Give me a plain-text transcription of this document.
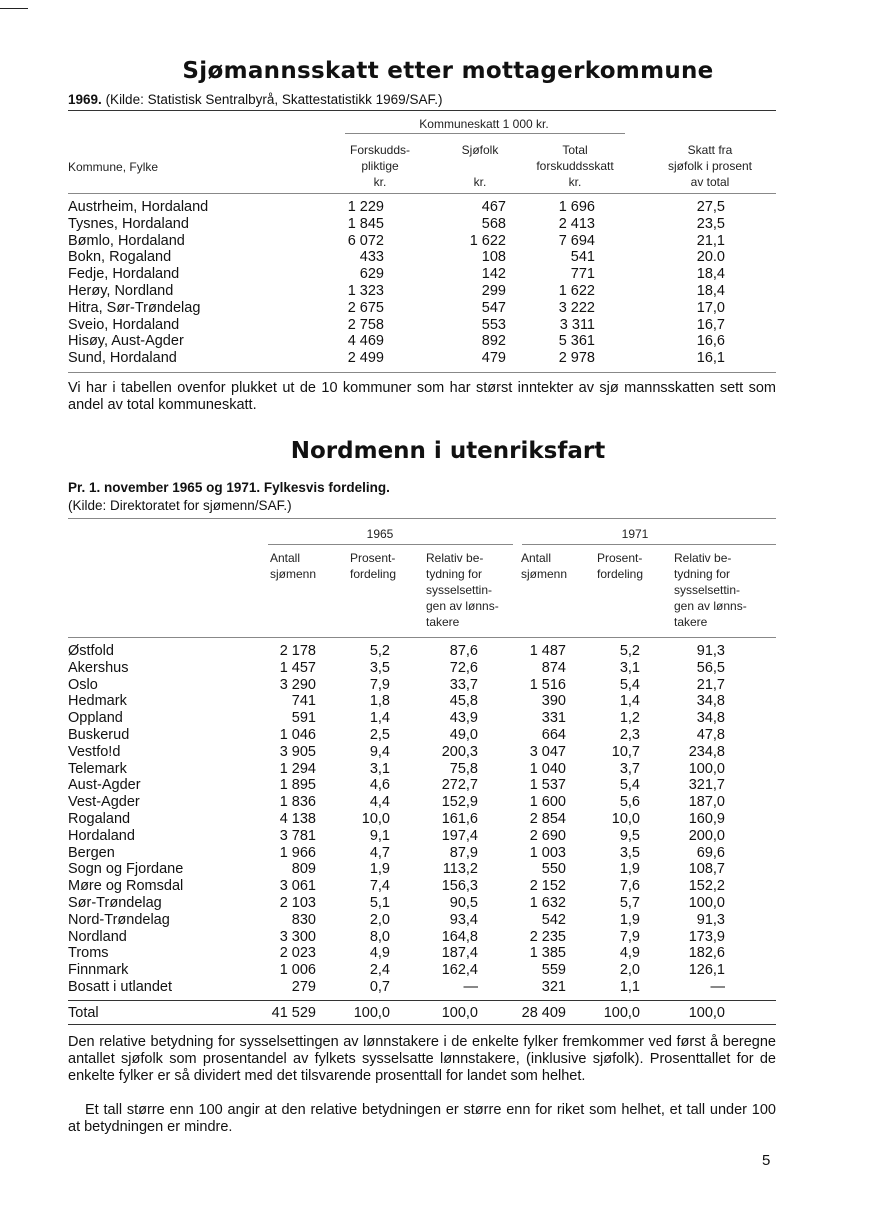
Sjømannsskatt etter mottagerkommune
1969. (Kilde: Statistisk Sentralbyrå, Skattestatistikk 1969/SAF.)
Kommuneskatt 1 000 kr.
Kommune, Fylke
Forskudds-
pliktige
kr.
Sjøfolk
kr.
Total
forskuddsskatt
kr.
Skatt fra
sjøfolk i prosent
av total
Austrheim, Hordaland	1 229	467	1 696	27,5
Tysnes, Hordaland	1 845	568	2 413	23,5
Bømlo, Hordaland	6 072	1 622	7 694	21,1
Bokn, Rogaland	433	108	541	20.0
Fedje, Hordaland	629	142	771	18,4
Herøy, Nordland	1 323	299	1 622	18,4
Hitra, Sør-Trøndelag	2 675	547	3 222	17,0
Sveio, Hordaland	2 758	553	3 311	16,7
Hisøy, Aust-Agder	4 469	892	5 361	16,6
Sund, Hordaland	2 499	479	2 978	16,1
Vi har i tabellen ovenfor plukket ut de 10 kommuner som har størst inntekter av sjø mannsskatten sett som andel av total kommuneskatt.
Nordmenn i utenriksfart
Pr. 1. november 1965 og 1971. Fylkesvis fordeling.
(Kilde: Direktoratet for sjømenn/SAF.)
1965	1971
Antall
sjømenn
Prosent-
fordeling
Relativ be-
tydning for
sysselsettin-
gen av lønns-
takere
Antall
sjømenn
Prosent-
fordeling
Relativ be-
tydning for
sysselsettin-
gen av lønns-
takere
Østfold	2 178	5,2	87,6	1 487	5,2	91,3
Akershus	1 457	3,5	72,6	874	3,1	56,5
Oslo	3 290	7,9	33,7	1 516	5,4	21,7
Hedmark	741	1,8	45,8	390	1,4	34,8
Oppland	591	1,4	43,9	331	1,2	34,8
Buskerud	1 046	2,5	49,0	664	2,3	47,8
Vestfo!d	3 905	9,4	200,3	3 047	10,7	234,8
Telemark	1 294	3,1	75,8	1 040	3,7	100,0
Aust-Agder	1 895	4,6	272,7	1 537	5,4	321,7
Vest-Agder	1 836	4,4	152,9	1 600	5,6	187,0
Rogaland	4 138	10,0	161,6	2 854	10,0	160,9
Hordaland	3 781	9,1	197,4	2 690	9,5	200,0
Bergen	1 966	4,7	87,9	1 003	3,5	69,6
Sogn og Fjordane	809	1,9	113,2	550	1,9	108,7
Møre og Romsdal	3 061	7,4	156,3	2 152	7,6	152,2
Sør-Trøndelag	2 103	5,1	90,5	1 632	5,7	100,0
Nord-Trøndelag	830	2,0	93,4	542	1,9	91,3
Nordland	3 300	8,0	164,8	2 235	7,9	173,9
Troms	2 023	4,9	187,4	1 385	4,9	182,6
Finnmark	1 006	2,4	162,4	559	2,0	126,1
Bosatt i utlandet	279	0,7	—	321	1,1	—
Total	41 529	100,0	100,0	28 409	100,0	100,0
Den relative betydning for sysselsettingen av lønnstakere i de enkelte fylker fremkommer ved først å beregne antallet sjøfolk som prosentandel av fylkets sysselsatte lønnstakere, (inklusive sjøfolk). Prosenttallet for de enkelte fylker er så dividert med det tilsvarende prosenttall for landet som helhet.
Et tall større enn 100 angir at den relative betydningen er større enn for riket som helhet, et tall under 100 at betydningen er mindre.
5
